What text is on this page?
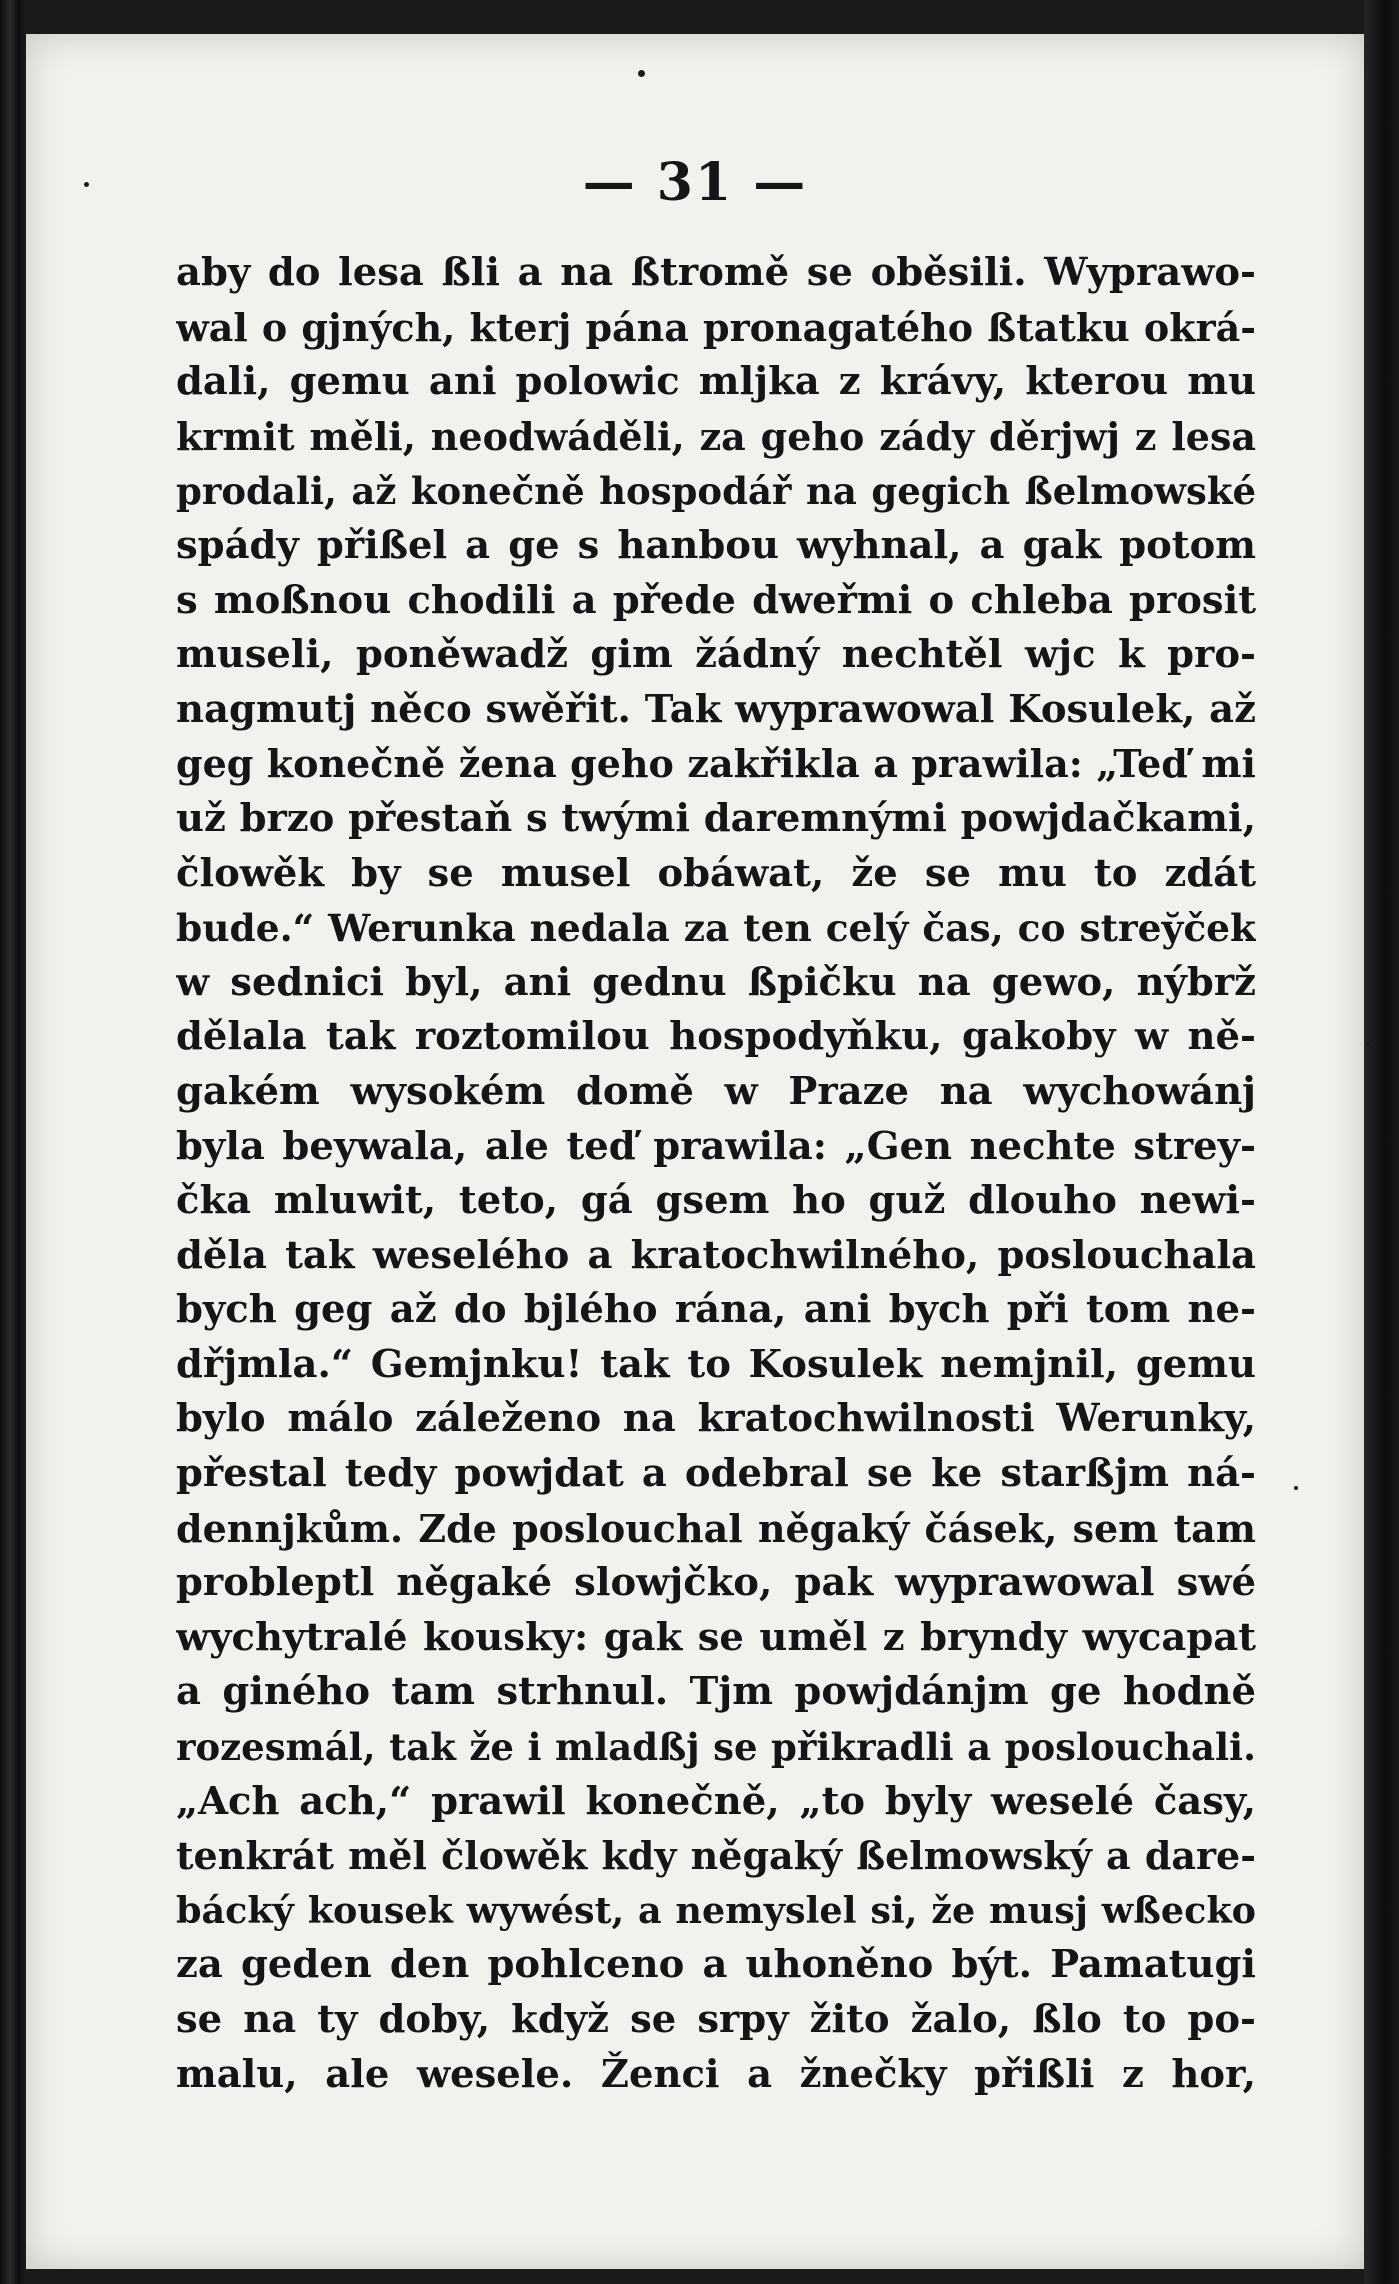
— 31 —
aby do lesa ßli a na ßtromě se oběsili. Wyprawo-
wal o gjných, kterj pána pronagatého ßtatku okrá-
dali, gemu ani polowic mljka z krávy, kterou mu
krmit měli, neodwáděli, za geho zády děrjwj z lesa
prodali, až konečně hospodář na gegich ßelmowské
spády přißel a ge s hanbou wyhnal, a gak potom
s moßnou chodili a přede dweřmi o chleba prosit
museli, poněwadž gim žádný nechtěl wjc k pro-
nagmutj něco swěřit. Tak wyprawowal Kosulek, až
geg konečně žena geho zakřikla a prawila: „Teď mi
už brzo přestaň s twými daremnými powjdačkami,
člowěk by se musel obáwat, že se mu to zdát
bude.“ Werunka nedala za ten celý čas, co strey̆ček
w sednici byl, ani gednu ßpičku na gewo, nýbrž
dělala tak roztomilou hospodyňku, gakoby w ně-
gakém wysokém domě w Praze na wychowánj
byla beywala, ale teď prawila: „Gen nechte strey-
čka mluwit, teto, gá gsem ho guž dlouho newi-
děla tak weselého a kratochwilného, poslouchala
bych geg až do bjlého rána, ani bych při tom ne-
dřjmla.“ Gemjnku! tak to Kosulek nemjnil, gemu
bylo málo záleženo na kratochwilnosti Werunky,
přestal tedy powjdat a odebral se ke starßjm ná-
dennjkům. Zde poslouchal něgaký čásek, sem tam
probleptl něgaké slowjčko, pak wyprawowal swé
wychytralé kousky: gak se uměl z bryndy wycapat
a giného tam strhnul. Tjm powjdánjm ge hodně
rozesmál, tak že i mladßj se přikradli a poslouchali.
„Ach ach,“ prawil konečně, „to byly weselé časy,
tenkrát měl člowěk kdy něgaký ßelmowský a dare-
bácký kousek wywést, a nemyslel si, že musj wßecko
za geden den pohlceno a uhoněno být. Pamatugi
se na ty doby, když se srpy žito žalo, ßlo to po-
malu, ale wesele. Ženci a žnečky přißli z hor,
